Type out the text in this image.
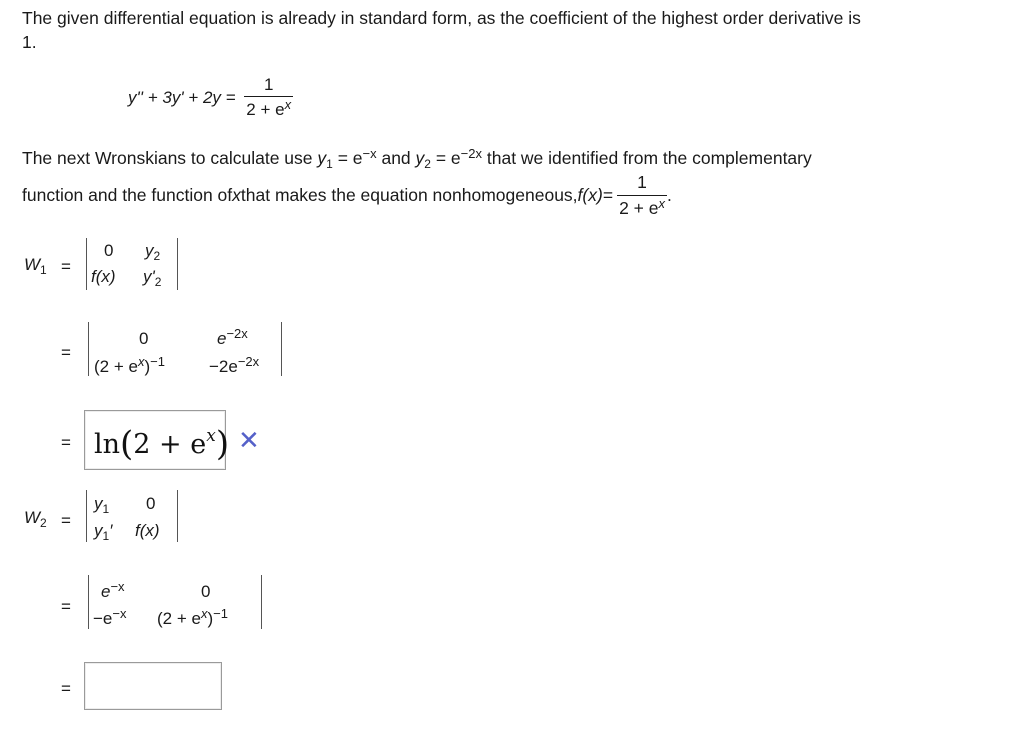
The given differential equation is already in standard form, as the coefficient of the highest order derivative is
1.
$y'' + 3y' + 2y = \frac{1}{2 + e^x}$
The next Wronskians to calculate use $y_1 = e^{-x}$ and $y_2 = e^{-2x}$ that we identified from the complementary
function and the function ofxthat makes the equation nonhomogeneous,f(x)= $\frac{1}{2 + e^x}$ .
$W_1$ =
0 $y_2$
f(x) $y'_2$
=
0	$e^{-2x}$
$(2 + e^x)^{-1}$	$-2e^{-2x}$
= $\ln(2 + e^x)$ ✕
$W_2$ =
$y_1$ 0
$y_1'$ f(x)
=
$e^{-x}$	0
$-e^{-x}$ $(2 + e^x)^{-1}$
=
